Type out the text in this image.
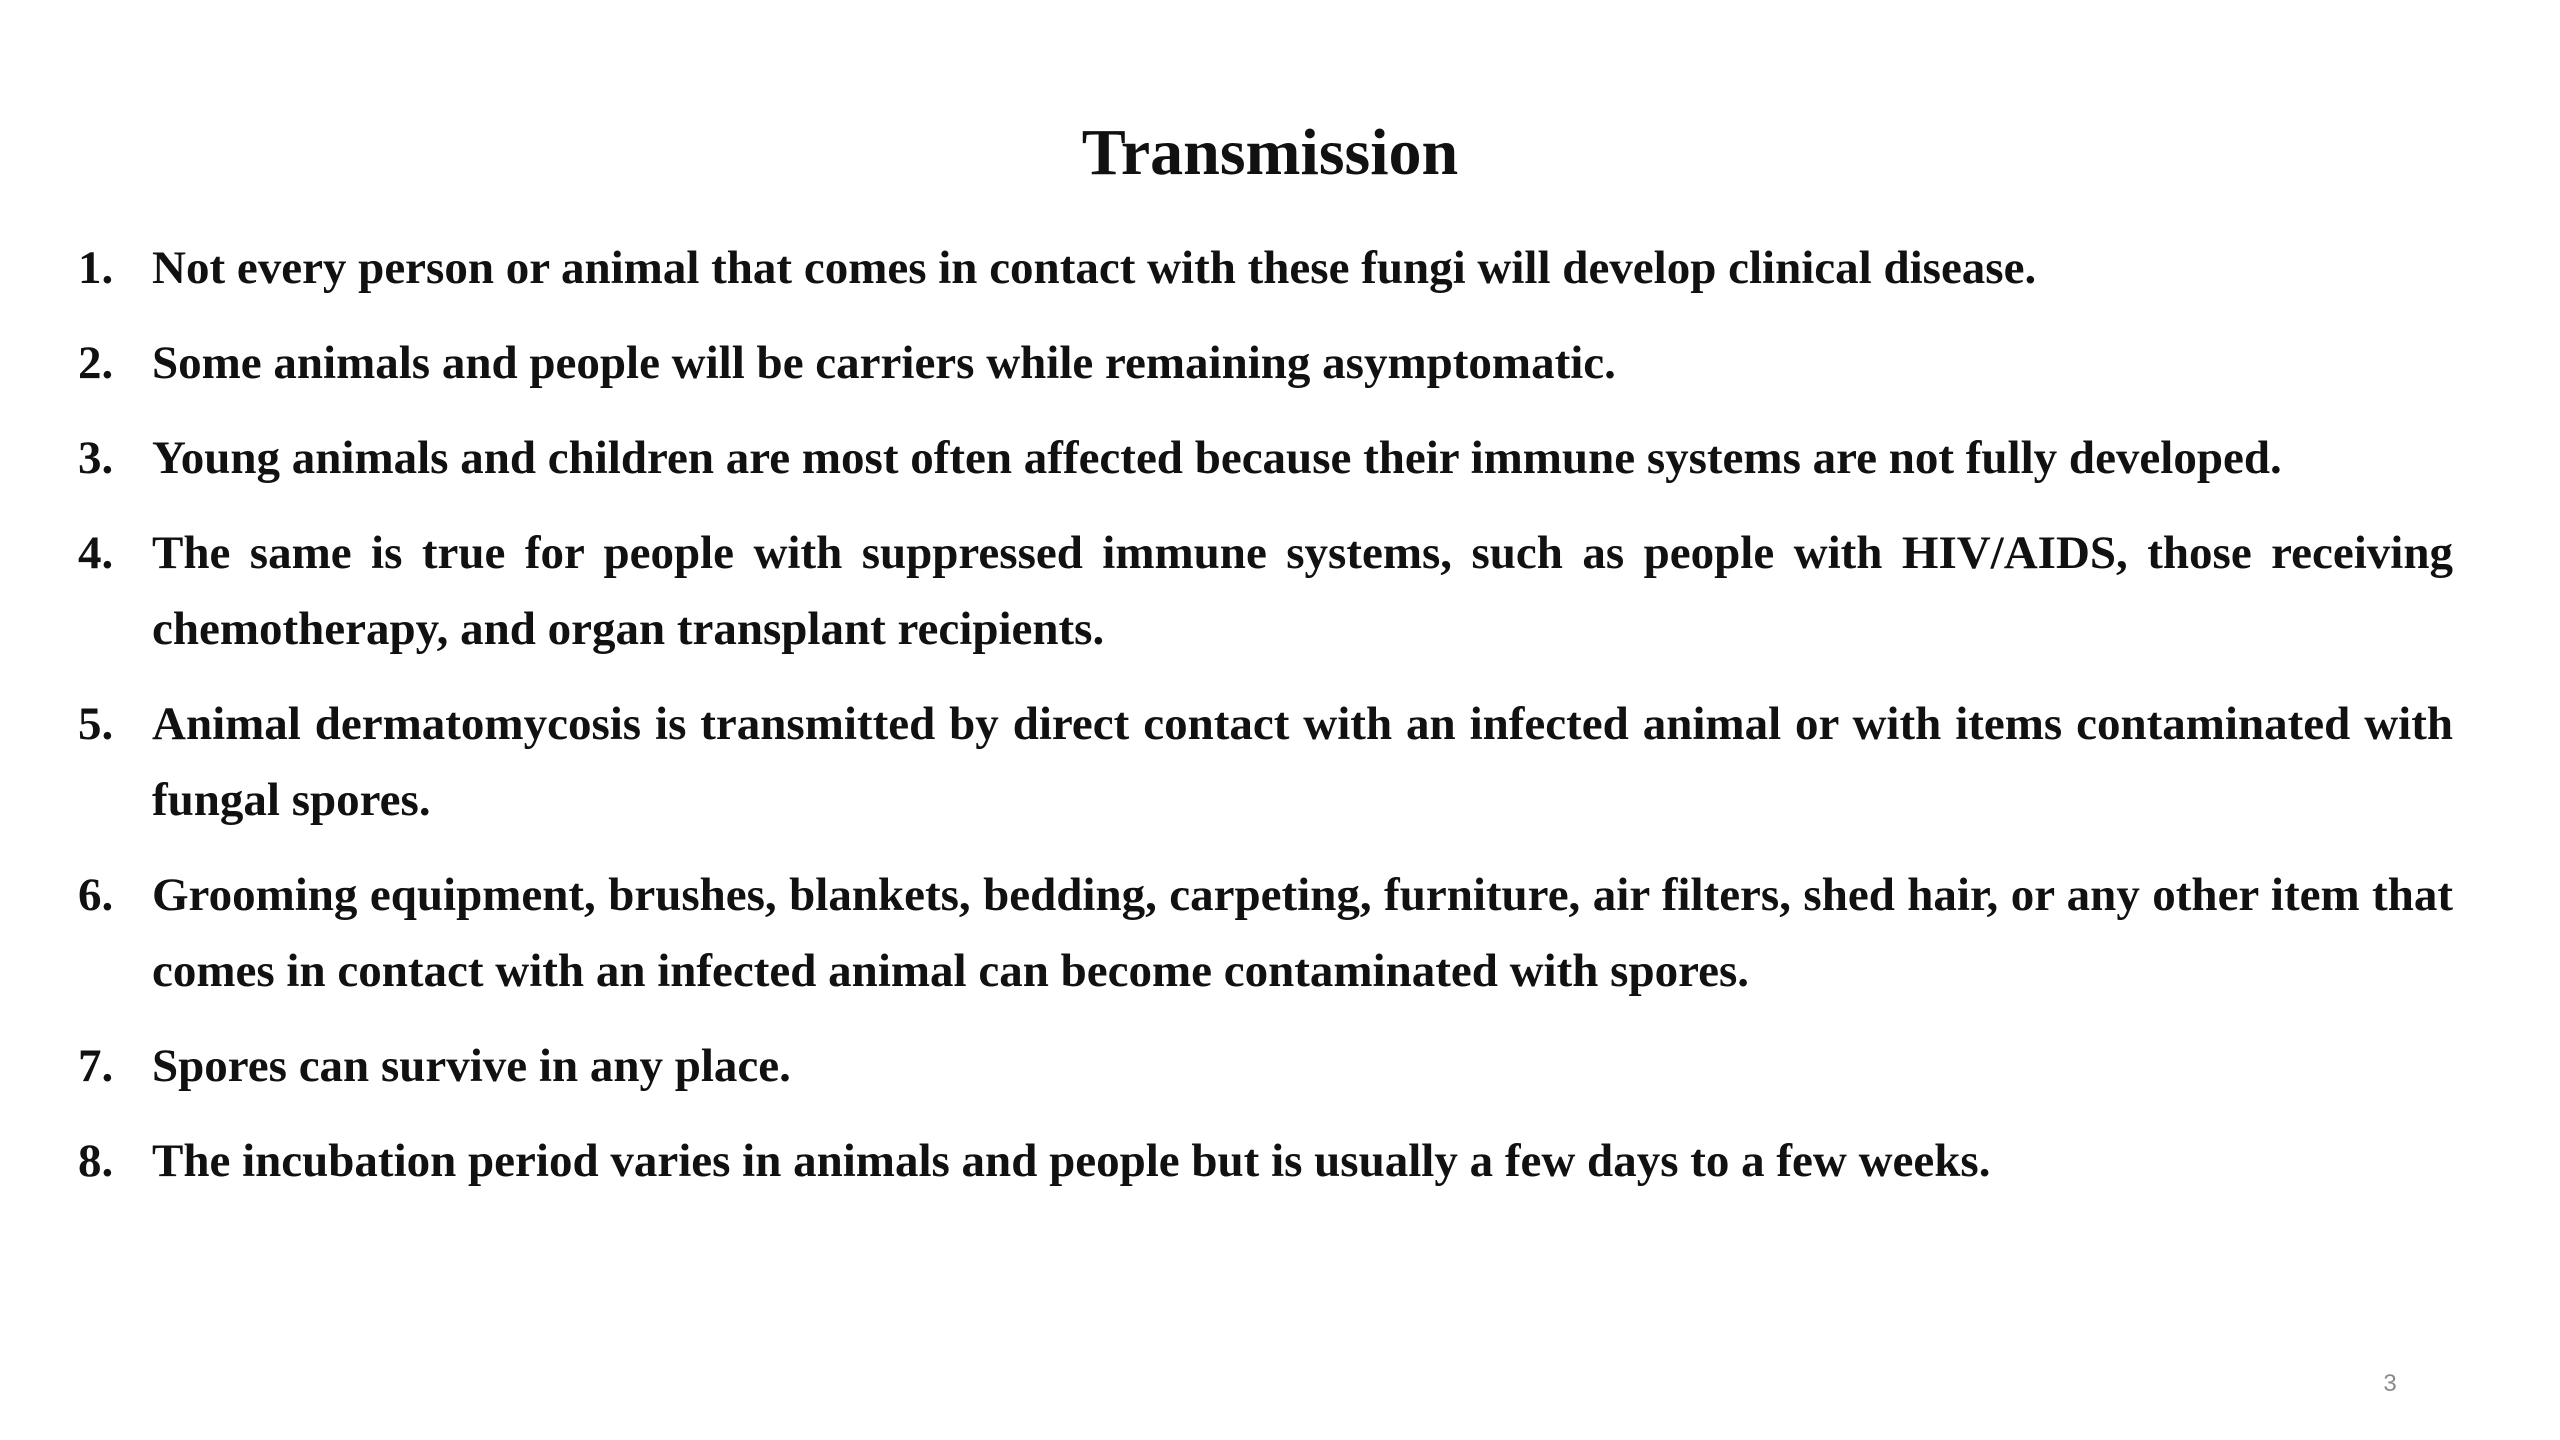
Transmission
1. Not every person or animal that comes in contact with these fungi will develop clinical disease.
2. Some animals and people will be carriers while remaining asymptomatic.
3. Young animals and children are most often affected because their immune systems are not fully developed.
4. The same is true for people with suppressed immune systems, such as people with HIV/AIDS, those receiving chemotherapy, and organ transplant recipients.
5. Animal dermatomycosis is transmitted by direct contact with an infected animal or with items contaminated with fungal spores.
6. Grooming equipment, brushes, blankets, bedding, carpeting, furniture, air filters, shed hair, or any other item that comes in contact with an infected animal can become contaminated with spores.
7. Spores can survive in any place.
8. The incubation period varies in animals and people but is usually a few days to a few weeks.
3
